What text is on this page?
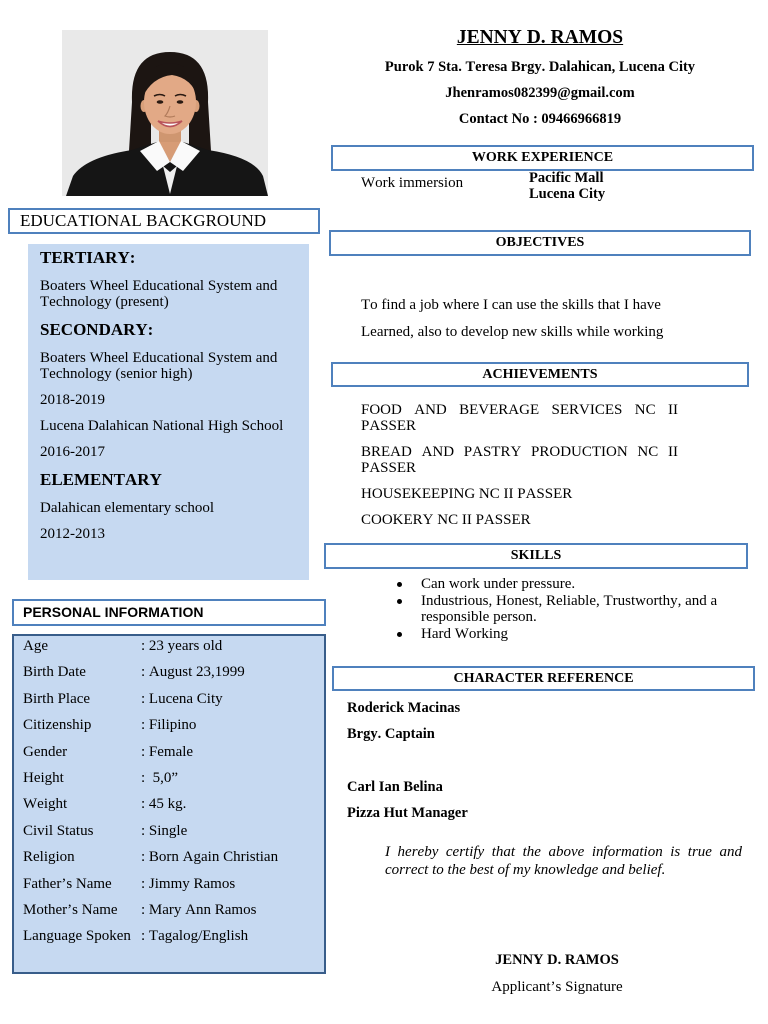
EDUCATIONAL BACKGROUND
TERTIARY:
Boaters Wheel Educational System and Technology (present)
SECONDARY:
Boaters Wheel Educational System and Technology (senior high)
2018-2019
Lucena Dalahican National High School
2016-2017
ELEMENTARY
Dalahican elementary school
2012-2013
PERSONAL INFORMATION
Age	: 23 years old
Birth Date	: August 23,1999
Birth Place	: Lucena City
Citizenship	: Filipino
Gender	: Female
Height	:  5,0”
Weight	: 45 kg.
Civil Status	: Single
Religion	: Born Again Christian
Father’s Name : Jimmy Ramos
Mother’s Name : Mary Ann Ramos
Language Spoken : Tagalog/English
JENNY D. RAMOS
Purok 7 Sta. Teresa Brgy. Dalahican, Lucena City
Jhenramos082399@gmail.com
Contact No : 09466966819
WORK EXPERIENCE
Work immersion	Pacific Mall
Lucena City
OBJECTIVES
To find a job where I can use the skills that I have
Learned, also to develop new skills while working
ACHIEVEMENTS
FOOD AND BEVERAGE SERVICES NC II PASSER
BREAD AND PASTRY PRODUCTION NC II PASSER
HOUSEKEEPING NC II PASSER
COOKERY NC II PASSER
SKILLS
Can work under pressure.
Industrious, Honest, Reliable, Trustworthy, and a responsible person.
Hard Working
CHARACTER REFERENCE
Roderick Macinas
Brgy. Captain
Carl Ian Belina
Pizza Hut Manager
I hereby certify that the above information is true and correct to the best of my knowledge and belief.
JENNY D. RAMOS
Applicant’s Signature
